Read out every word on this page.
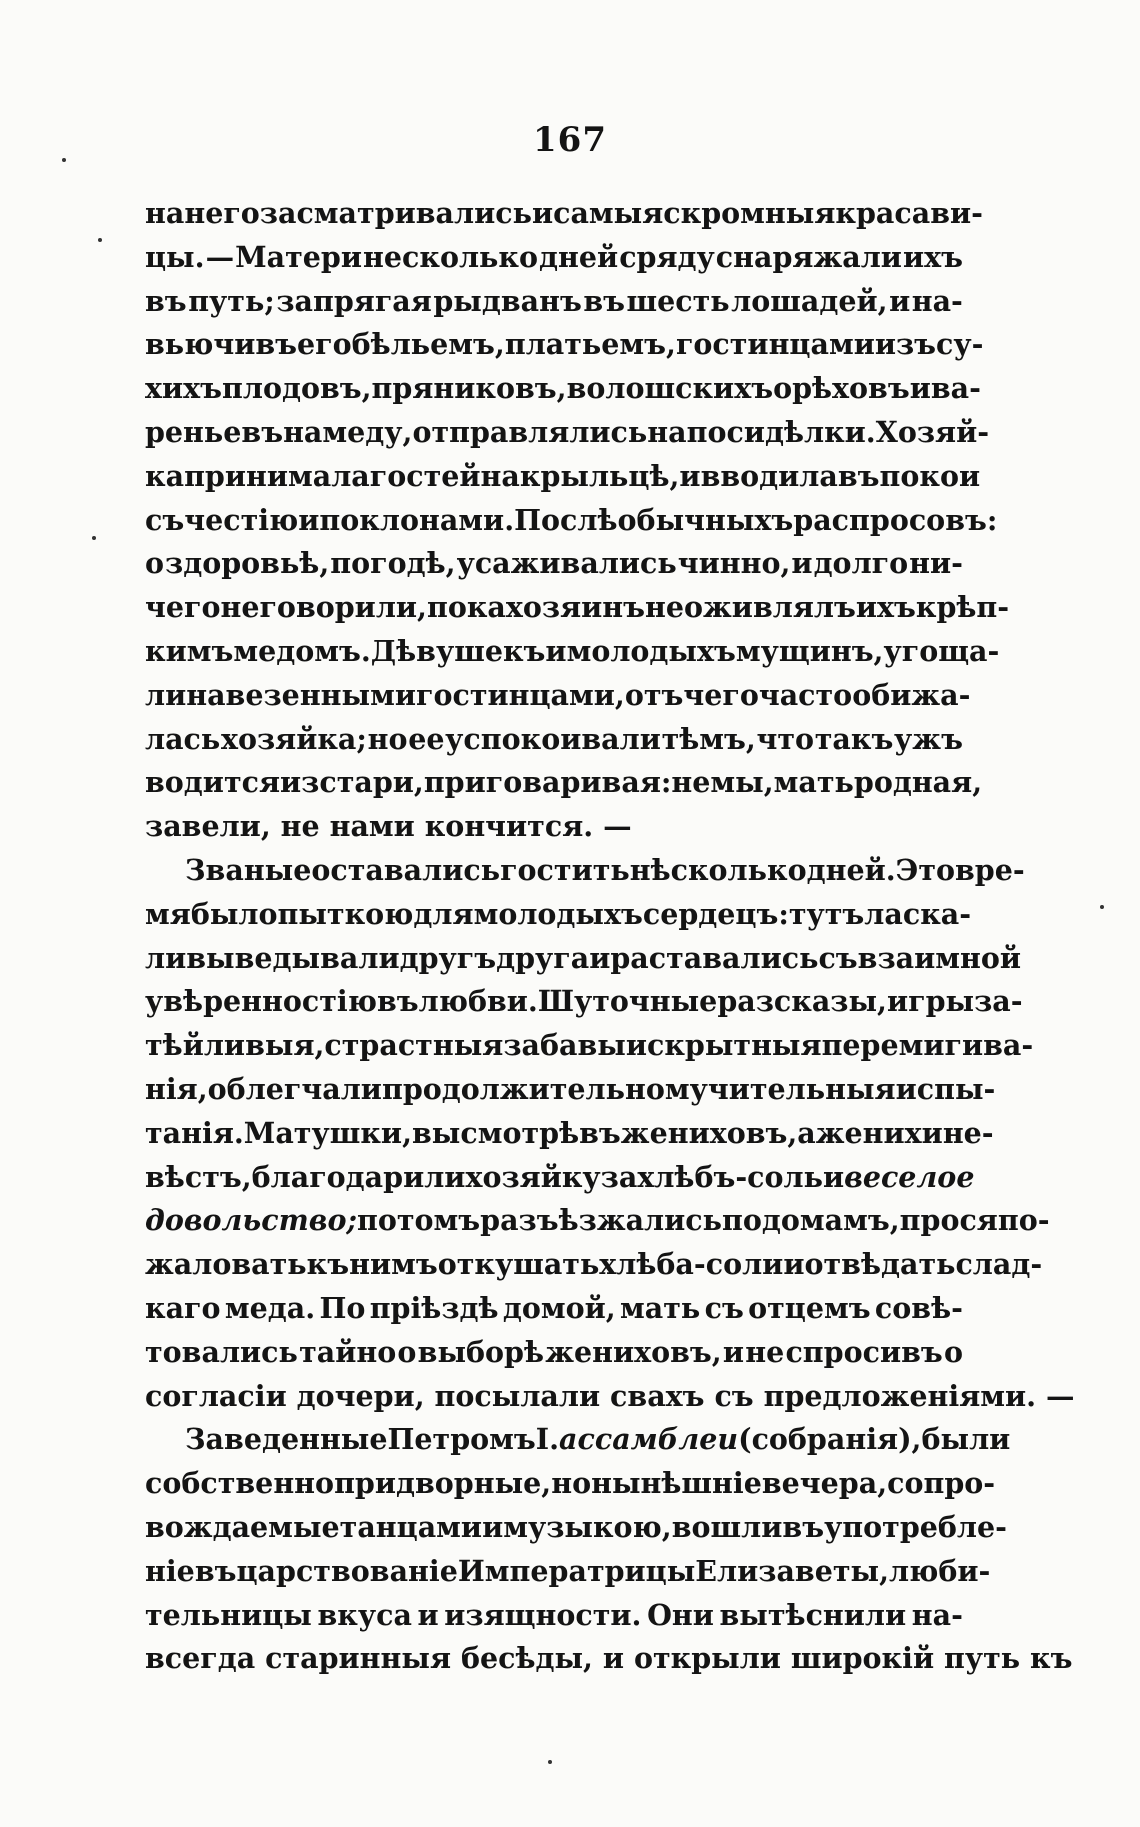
167
на него засматривались и самыя скромныя красави-
цы. — Матери несколько дней сряду снаряжали ихъ
въ путь; запрягая рыдванъ въ шесть лошадей, и на-
вьючивъ его бѣльемъ, платьемъ, гостинцами изъ су-
хихъ плодовъ, пряниковъ, волошскихъ орѣховъ и ва-
реньевъ на меду, отправлялись на посидѣлки. Хозяй-
ка принимала гостей на крыльцѣ, и вводила въ покои
съ честiю и поклонами. Послѣ обычныхъ распросовъ:
о здоровьѣ, погодѣ, усаживались чинно, и долго ни-
чего не говорили, пока хозяинъ не оживлялъ ихъ крѣп-
кимъ медомъ. Дѣвушекъ и молодыхъ мущинъ, угоща-
ли навезенными гостинцами, отъ чего часто обижа-
лась хозяйка; но ее успокоивали тѣмъ, что такъ ужъ
водится изстари, приговаривая: не мы, мать родная,
завели, не нами кончится. —
Званые оставались гостить нѣсколько дней. Это вре-
мя было пыткою для молодыхъ сердецъ: тутъ ласка-
ли выведывали другъ друга и раставались съ взаимной
увѣренностiю въ любви. Шуточные разсказы, игры за-
тѣйливыя, страстныя забавы и скрытныя перемигива-
нiя, облегчали продолжительно мучительныя испы-
танiя. Матушки, высмотрѣвъ жениховъ, а женихи не-
вѣстъ, благодарили хозяйку за хлѣбъ-соль и веселое
довольство; потомъ разъѣзжались по домамъ, прося по-
жаловать къ нимъ откушать хлѣба-соли и отвѣдать слад-
каго меда. По прiѣздѣ домой, мать съ отцемъ совѣ-
товались тайно о выборѣ жениховъ, и не спросивъ о
согласiи дочери, посылали свахъ съ предложенiями. —
Заведенные Петромъ I. ассамблеи (собранiя), были
собственно придворные, но нынѣшнiе вечера, сопро-
вождаемые танцами и музыкою, вошли въ употребле-
нiе въ царствованiе Императрицы Елизаветы, люби-
тельницы вкуса и изящности. Они вытѣснили на-
всегда старинныя бесѣды, и открыли широкiй путь къ
